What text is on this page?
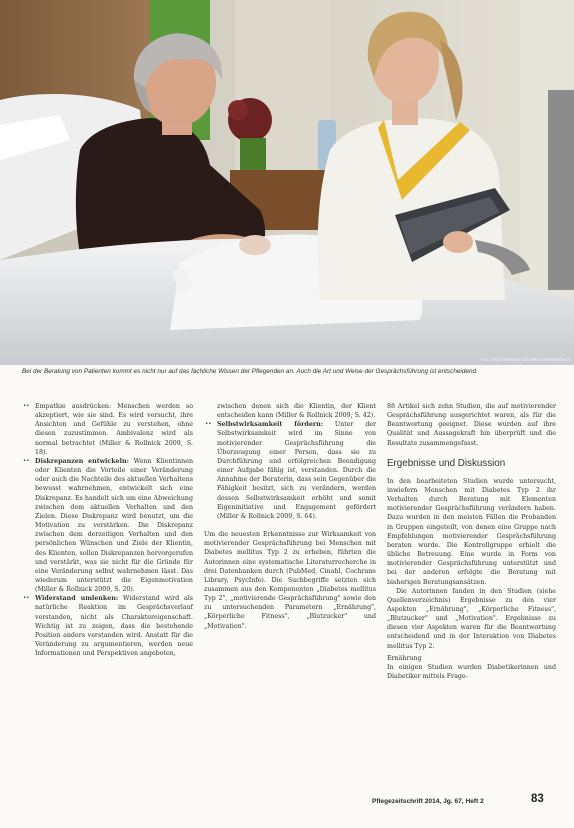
Foto: Rolf Wollmann/JEUNESSE/Mediahaus
Bei der Beratung von Patienten kommt es nicht nur auf das fachliche Wissen der Pflegenden an. Auch die Art und Weise der Gesprächsführung ist entscheidend.
•• Empathie ausdrücken: Menschen werden so akzeptiert, wie sie sind. Es wird versucht, ihre Ansichten und Gefühle zu verstehen, ohne diesen zuzustimmen. Ambivalenz wird als normal betrachtet (Miller & Rollnick 2009, S. 18).
•• Diskrepanzen entwickeln: Wenn Klientinnen oder Klienten die Vorteile einer Veränderung oder auch die Nachteile des aktuellen Verhaltens bewusst wahrnehmen, entwickelt sich eine Diskrepanz. Es handelt sich um eine Abweichung zwischen dem aktuellen Verhalten und den Zielen. Diese Diskrepanz wird benutzt, um die Motivation zu verstärken. Die Diskrepanz zwischen dem derzeitigen Verhalten und den persönlichen Wünschen und Ziele der Klientin, des Klienten, sollen Diskrepanzen hervorgerufen und verstärkt, was sie nicht für die Gründe für eine Veränderung selbst wahrnehmen lässt. Das wiederum unterstützt die Eigenmotivation (Miller & Rollnick 2009, S. 20).
•• Widerstand umlenken: Widerstand wird als natürliche Reaktion im Gesprächsverlauf verstanden, nicht als Charaktereigenschaft. Wichtig ist zu zeigen, dass die bestehende Position anders verstanden wird. Anstatt für die Veränderung zu argumentieren, werden neue Informationen und Perspektiven angeboten,

zwischen denen sich die Klientin, der Klient entscheiden kann (Miller & Rollnick 2009, S. 42).

•• Selbstwirksamkeit fördern: Unter der Selbstwirksamkeit wird im Sinne von motivierender Gesprächsführung die Überzeugung einer Person, dass sie zu Durchführung und erfolgreichen Beendigung einer Aufgabe fähig ist, verstanden. Durch die Annahme der Beraterin, dass sein Gegenüber die Fähigkeit besitzt, sich zu verändern, werden dessen Selbstwirksamkeit erhöht und somit Eigeninitiative und Engagement gefördert (Miller & Rollnick 2009, S. 64).

Um die neuesten Erkenntnisse zur Wirksamkeit von motivierender Gesprächsführung bei Menschen mit Diabetes mellitus Typ 2 zu erheben, führten die Autorinnen eine systematische Literaturrecherche in drei Datenbanken durch (PubMed, Cinahl, Cochrane Library, PsycInfo). Die Suchbegriffe setzten sich zusammen aus den Komponenten „Diabetes mellitus Typ 2", „motivierende Gesprächsführung" sowie den zu untersuchenden Parametern „Ernährung", „Körperliche Fitness", „Blutzucker" und „Motivation".

88 Artikel sich zehn Studien, die auf motivierender Gesprächsführung ausgerichtet waren, als für die Beantwortung geeignet. Diese wurden auf ihre Qualität und Aussagekraft hin überprüft und die Resultate zusammengefasst.

Ergebnisse und Diskussion

In den bearbeiteten Studien wurde untersucht, inwiefern Menschen mit Diabetes Typ 2 ihr Verhalten durch Beratung mit Elementen motivierender Gesprächsführung verändern haben. Dazu wurden in den meisten Fällen die Probanden in Gruppen eingeteilt, von denen eine Gruppe nach Empfehlungen motivierender Gesprächsführung beraten wurde. Die Kontrollgruppe erhielt die übliche Betreuung. Eine wurde in Form von motivierender Gesprächsführung unterstützt und bei der anderen erfolgte die Beratung mit bisherigen Beratungsansätzen.

Die Autorinnen fanden in den Studien (siehe Quellenverzeichnis) Ergebnisse zu den vier Aspekten „Ernährung", „Körperliche Fitness", „Blutzucker" und „Motivation". Ergebnisse zu diesen vier Aspekten waren für die Beantwortung entscheidend und in der Interaktion von Diabetes mellitus Typ 2.

Ernährung

In einigen Studien wurden Diabetikerinnen und Diabetiker mittels Frage-

Pflegezeitschrift 2014, Jg. 67, Heft 2	83
